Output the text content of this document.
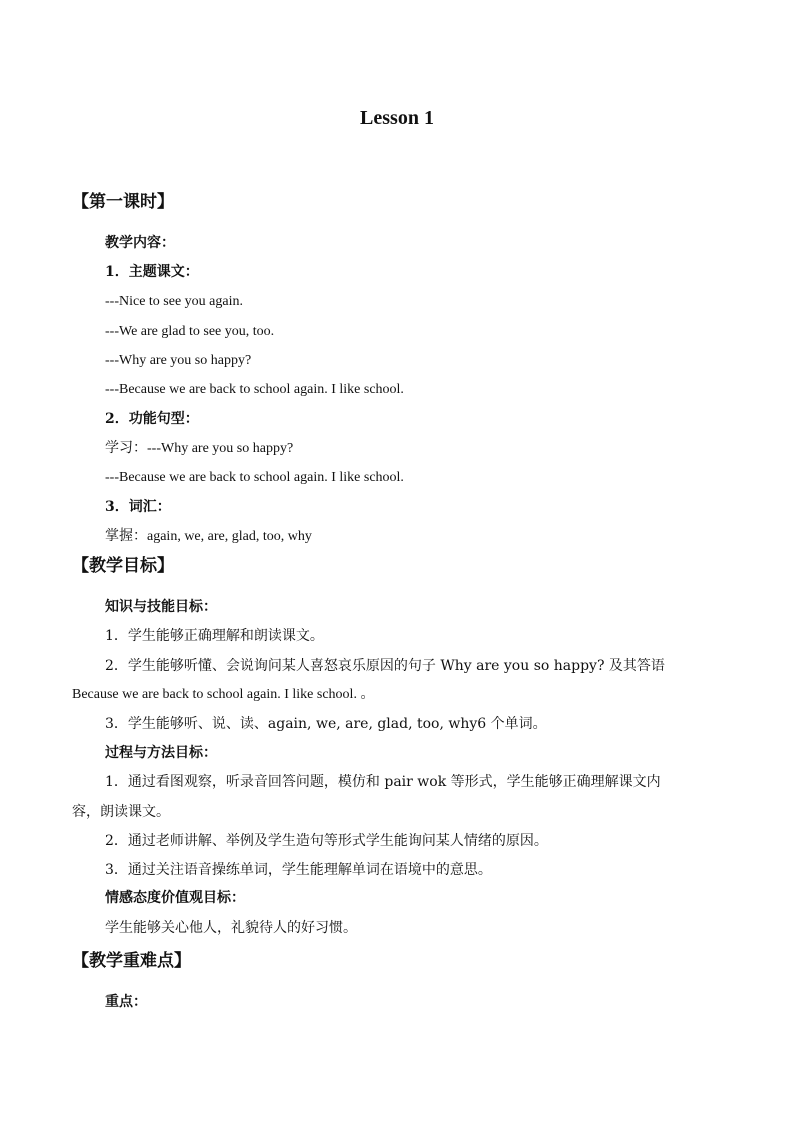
Lesson 1
【第一课时】
教学内容：
1．主题课文：
---Nice to see you again.
---We are glad to see you, too.
---Why are you so happy?
---Because we are back to school again. I like school.
2．功能句型：
学习：---Why are you so happy?
---Because we are back to school again. I like school.
3．词汇：
掌握：again, we, are, glad, too, why
【教学目标】
知识与技能目标：
1．学生能够正确理解和朗读课文。
2．学生能够听懂、会说询问某人喜怒哀乐原因的句子 Why are you so happy? 及其答语
Because we are back to school again. I like school. 。
3．学生能够听、说、读、again, we, are, glad, too, why6 个单词。
过程与方法目标：
1．通过看图观察，听录音回答问题，模仿和 pair wok 等形式，学生能够正确理解课文内
容，朗读课文。
2．通过老师讲解、举例及学生造句等形式学生能询问某人情绪的原因。
3．通过关注语音操练单词，学生能理解单词在语境中的意思。
情感态度价值观目标：
学生能够关心他人，礼貌待人的好习惯。
【教学重难点】
重点：
